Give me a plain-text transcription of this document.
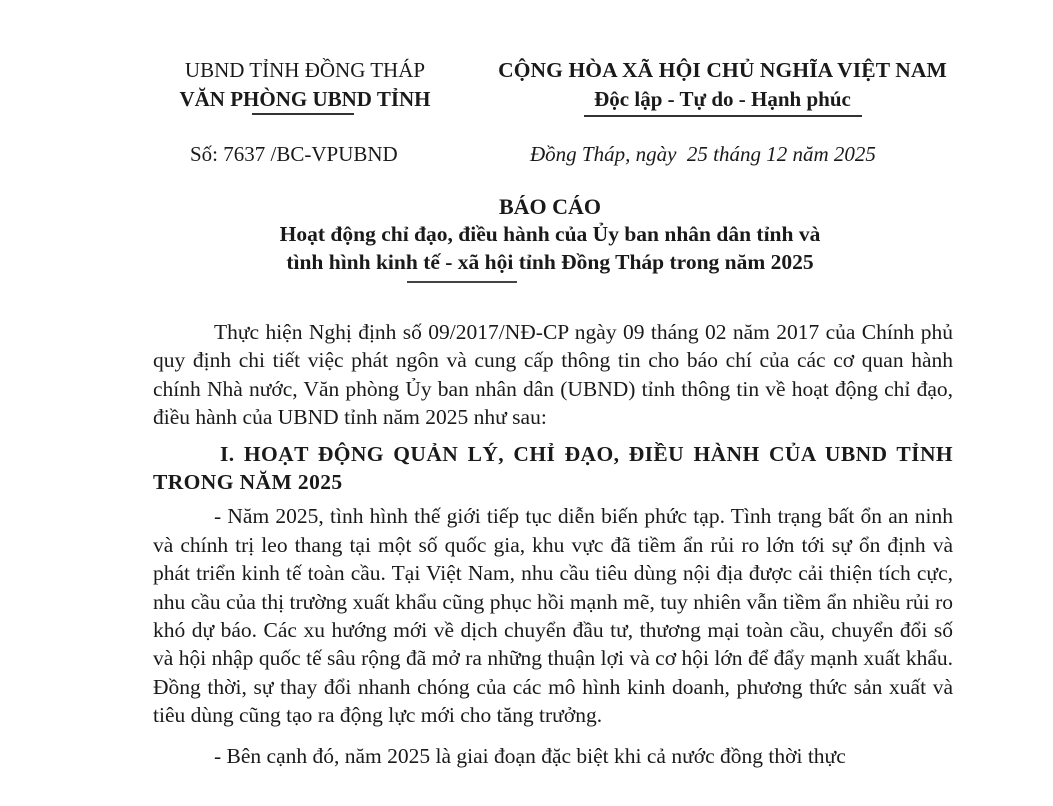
UBND TỈNH ĐỒNG THÁP
VĂN PHÒNG UBND TỈNH
CỘNG HÒA XÃ HỘI CHỦ NGHĨA VIỆT NAM
Độc lập - Tự do - Hạnh phúc
Số: 7637 /BC-VPUBND	Đồng Tháp, ngày  25 tháng 12 năm 2025
BÁO CÁO
Hoạt động chỉ đạo, điều hành của Ủy ban nhân dân tỉnh và
tình hình kinh tế - xã hội tỉnh Đồng Tháp trong năm 2025

Thực hiện Nghị định số 09/2017/NĐ-CP ngày 09 tháng 02 năm 2017 của Chính phủ quy định chi tiết việc phát ngôn và cung cấp thông tin cho báo chí của các cơ quan hành chính Nhà nước, Văn phòng Ủy ban nhân dân (UBND) tỉnh thông tin về hoạt động chỉ đạo, điều hành của UBND tỉnh năm 2025 như sau:

I. HOẠT ĐỘNG QUẢN LÝ, CHỈ ĐẠO, ĐIỀU HÀNH CỦA UBND TỈNH TRONG NĂM 2025

- Năm 2025, tình hình thế giới tiếp tục diễn biến phức tạp. Tình trạng bất ổn an ninh và chính trị leo thang tại một số quốc gia, khu vực đã tiềm ẩn rủi ro lớn tới sự ổn định và phát triển kinh tế toàn cầu. Tại Việt Nam, nhu cầu tiêu dùng nội địa được cải thiện tích cực, nhu cầu của thị trường xuất khẩu cũng phục hồi mạnh mẽ, tuy nhiên vẫn tiềm ẩn nhiều rủi ro khó dự báo. Các xu hướng mới về dịch chuyển đầu tư, thương mại toàn cầu, chuyển đổi số và hội nhập quốc tế sâu rộng đã mở ra những thuận lợi và cơ hội lớn để đẩy mạnh xuất khẩu. Đồng thời, sự thay đổi nhanh chóng của các mô hình kinh doanh, phương thức sản xuất và tiêu dùng cũng tạo ra động lực mới cho tăng trưởng.

- Bên cạnh đó, năm 2025 là giai đoạn đặc biệt khi cả nước đồng thời thực
